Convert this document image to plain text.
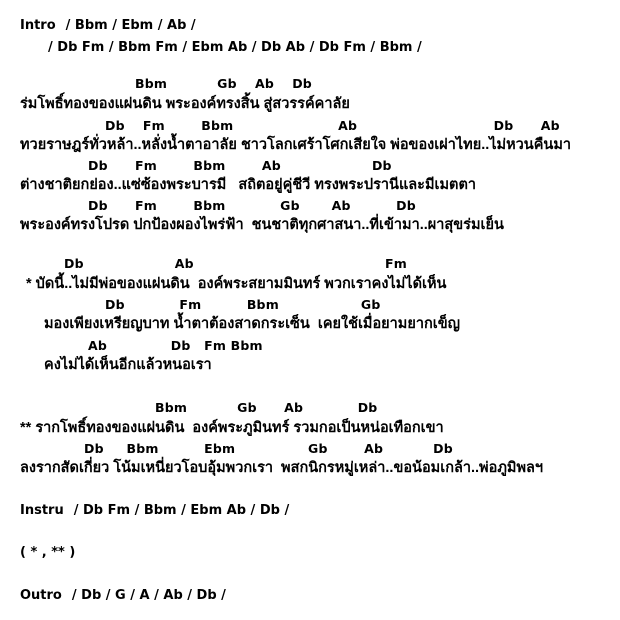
Intro / Bbm / Ebm / Ab /
/ Db Fm / Bbm Fm / Ebm Ab / Db Ab / Db Fm / Bbm /
Bbm           Gb    Ab    Db
ร่มโพธิ์ทองของแผ่นดิน พระองค์ทรงสิ้น สู่สวรรค์คาลัย
Db    Fm        Bbm                       Ab                              Db      Ab
ทวยราษฎร์ทั่วหล้า..หลั่งน้ำตาอาลัย ชาวโลกเศร้าโศกเสียใจ พ่อของเผ่าไทย..ไม่หวนคืนมา
Db      Fm        Bbm        Ab                    Db
ต่างชาติยกย่อง..แซ่ซ้องพระบารมี   สถิตอยู่คู่ชีวี ทรงพระปรานีและมีเมตตา
Db      Fm        Bbm            Gb       Ab          Db
พระองค์ทรงโปรด ปกป้องผองไพร่ฟ้า  ชนชาติทุกศาสนา..ที่เข้ามา..ผาสุขร่มเย็น
Db                    Ab                                          Fm
* บัดนี้..ไม่มีพ่อของแผ่นดิน  องค์พระสยามมินทร์ พวกเราคงไม่ได้เห็น
Db            Fm          Bbm                  Gb
มองเพียงเหรียญบาท น้ำตาต้องสาดกระเซ็น  เคยใช้เมื่อยามยากเข็ญ
Ab              Db   Fm Bbm
คงไม่ได้เห็นอีกแล้วหนอเรา
Bbm           Gb      Ab            Db
** รากโพธิ์ทองของแผ่นดิน  องค์พระภูมินทร์ รวมกอเป็นหน่อเทือกเขา
Db     Bbm          Ebm                Gb        Ab           Db
ลงรากสัดเกี่ยว โน้มเหนี่ยวโอบอุ้มพวกเรา  พสกนิกรหมู่เหล่า..ขอน้อมเกล้า..พ่อภูมิพลฯ
Instru / Db Fm / Bbm / Ebm Ab / Db /
( * , ** )
Outro / Db / G / A / Ab / Db /
